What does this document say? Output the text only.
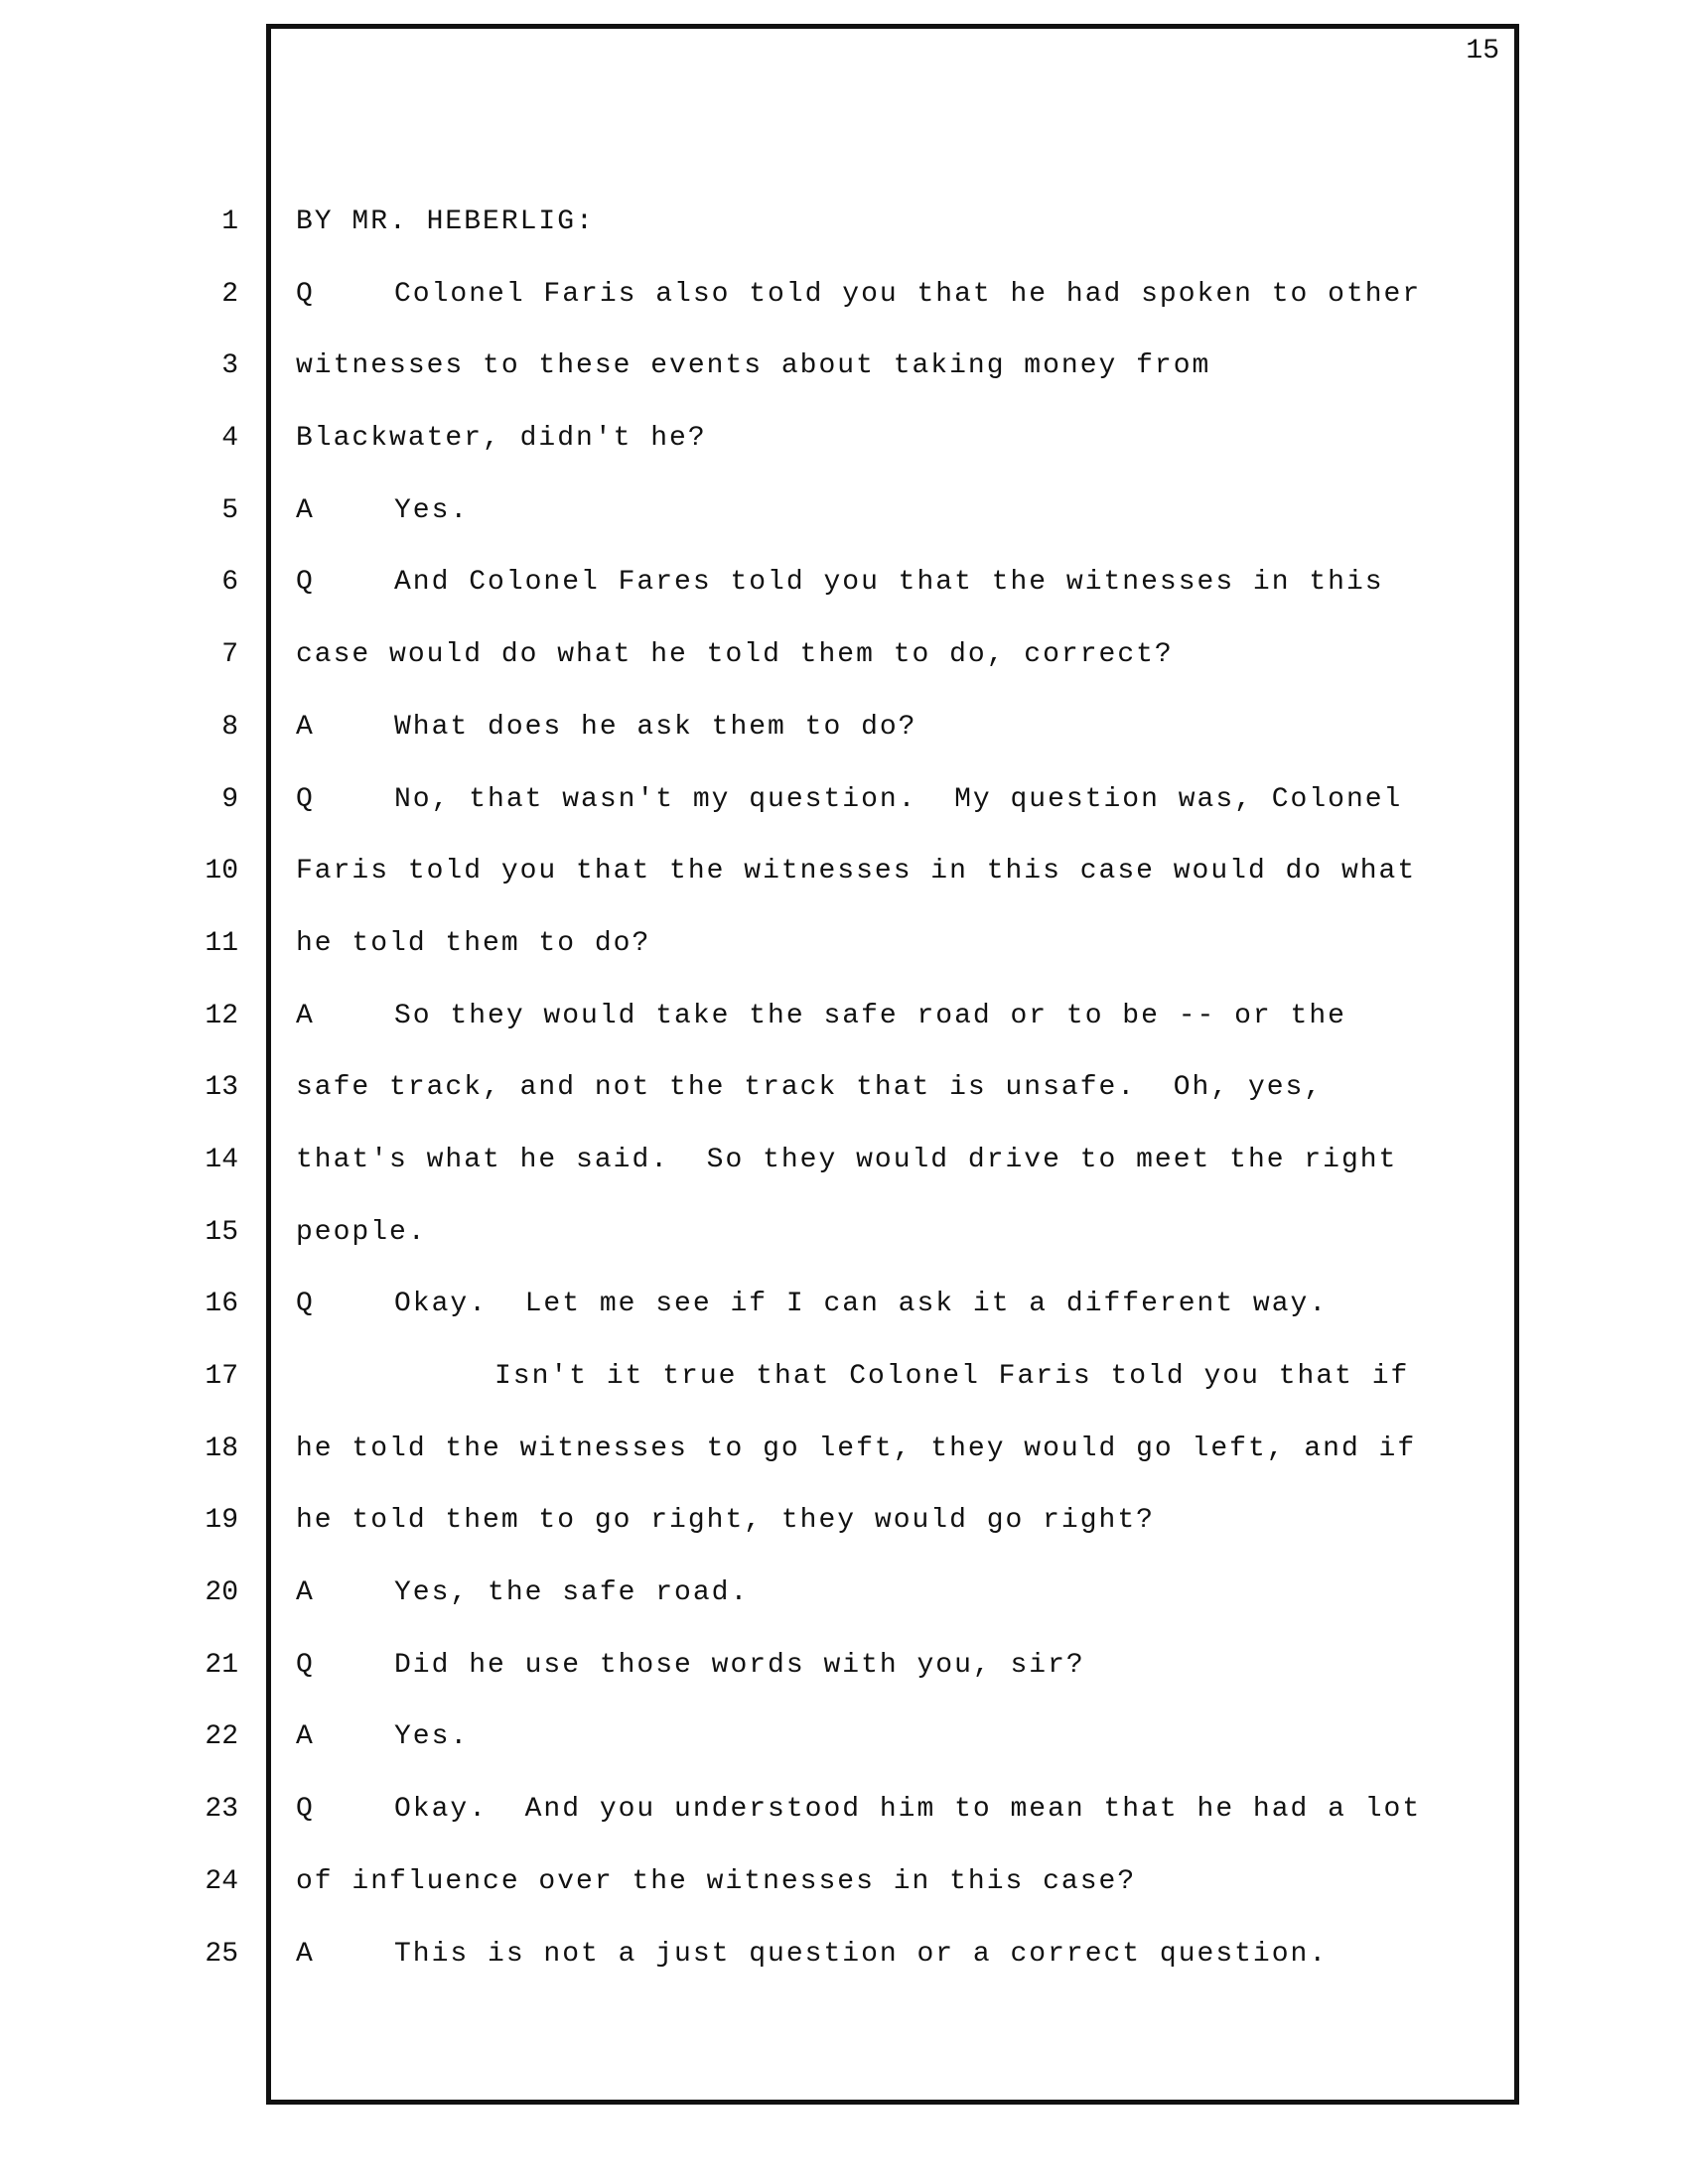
15
1
2
3
4
5
6
7
8
9
10
11
12
13
14
15
16
17
18
19
20
21
22
23
24
25
BY MR. HEBERLIG:
Q	Colonel Faris also told you that he had spoken to other
witnesses to these events about taking money from
Blackwater, didn't he?
A	Yes.
Q	And Colonel Fares told you that the witnesses in this
case would do what he told them to do, correct?
A	What does he ask them to do?
Q	No, that wasn't my question.  My question was, Colonel
Faris told you that the witnesses in this case would do what
he told them to do?
A	So they would take the safe road or to be -- or the
safe track, and not the track that is unsafe.  Oh, yes,
that's what he said.  So they would drive to meet the right
people.
Q	Okay.  Let me see if I can ask it a different way.
Isn't it true that Colonel Faris told you that if
he told the witnesses to go left, they would go left, and if
he told them to go right, they would go right?
A	Yes, the safe road.
Q	Did he use those words with you, sir?
A	Yes.
Q	Okay.  And you understood him to mean that he had a lot
of influence over the witnesses in this case?
A	This is not a just question or a correct question.
